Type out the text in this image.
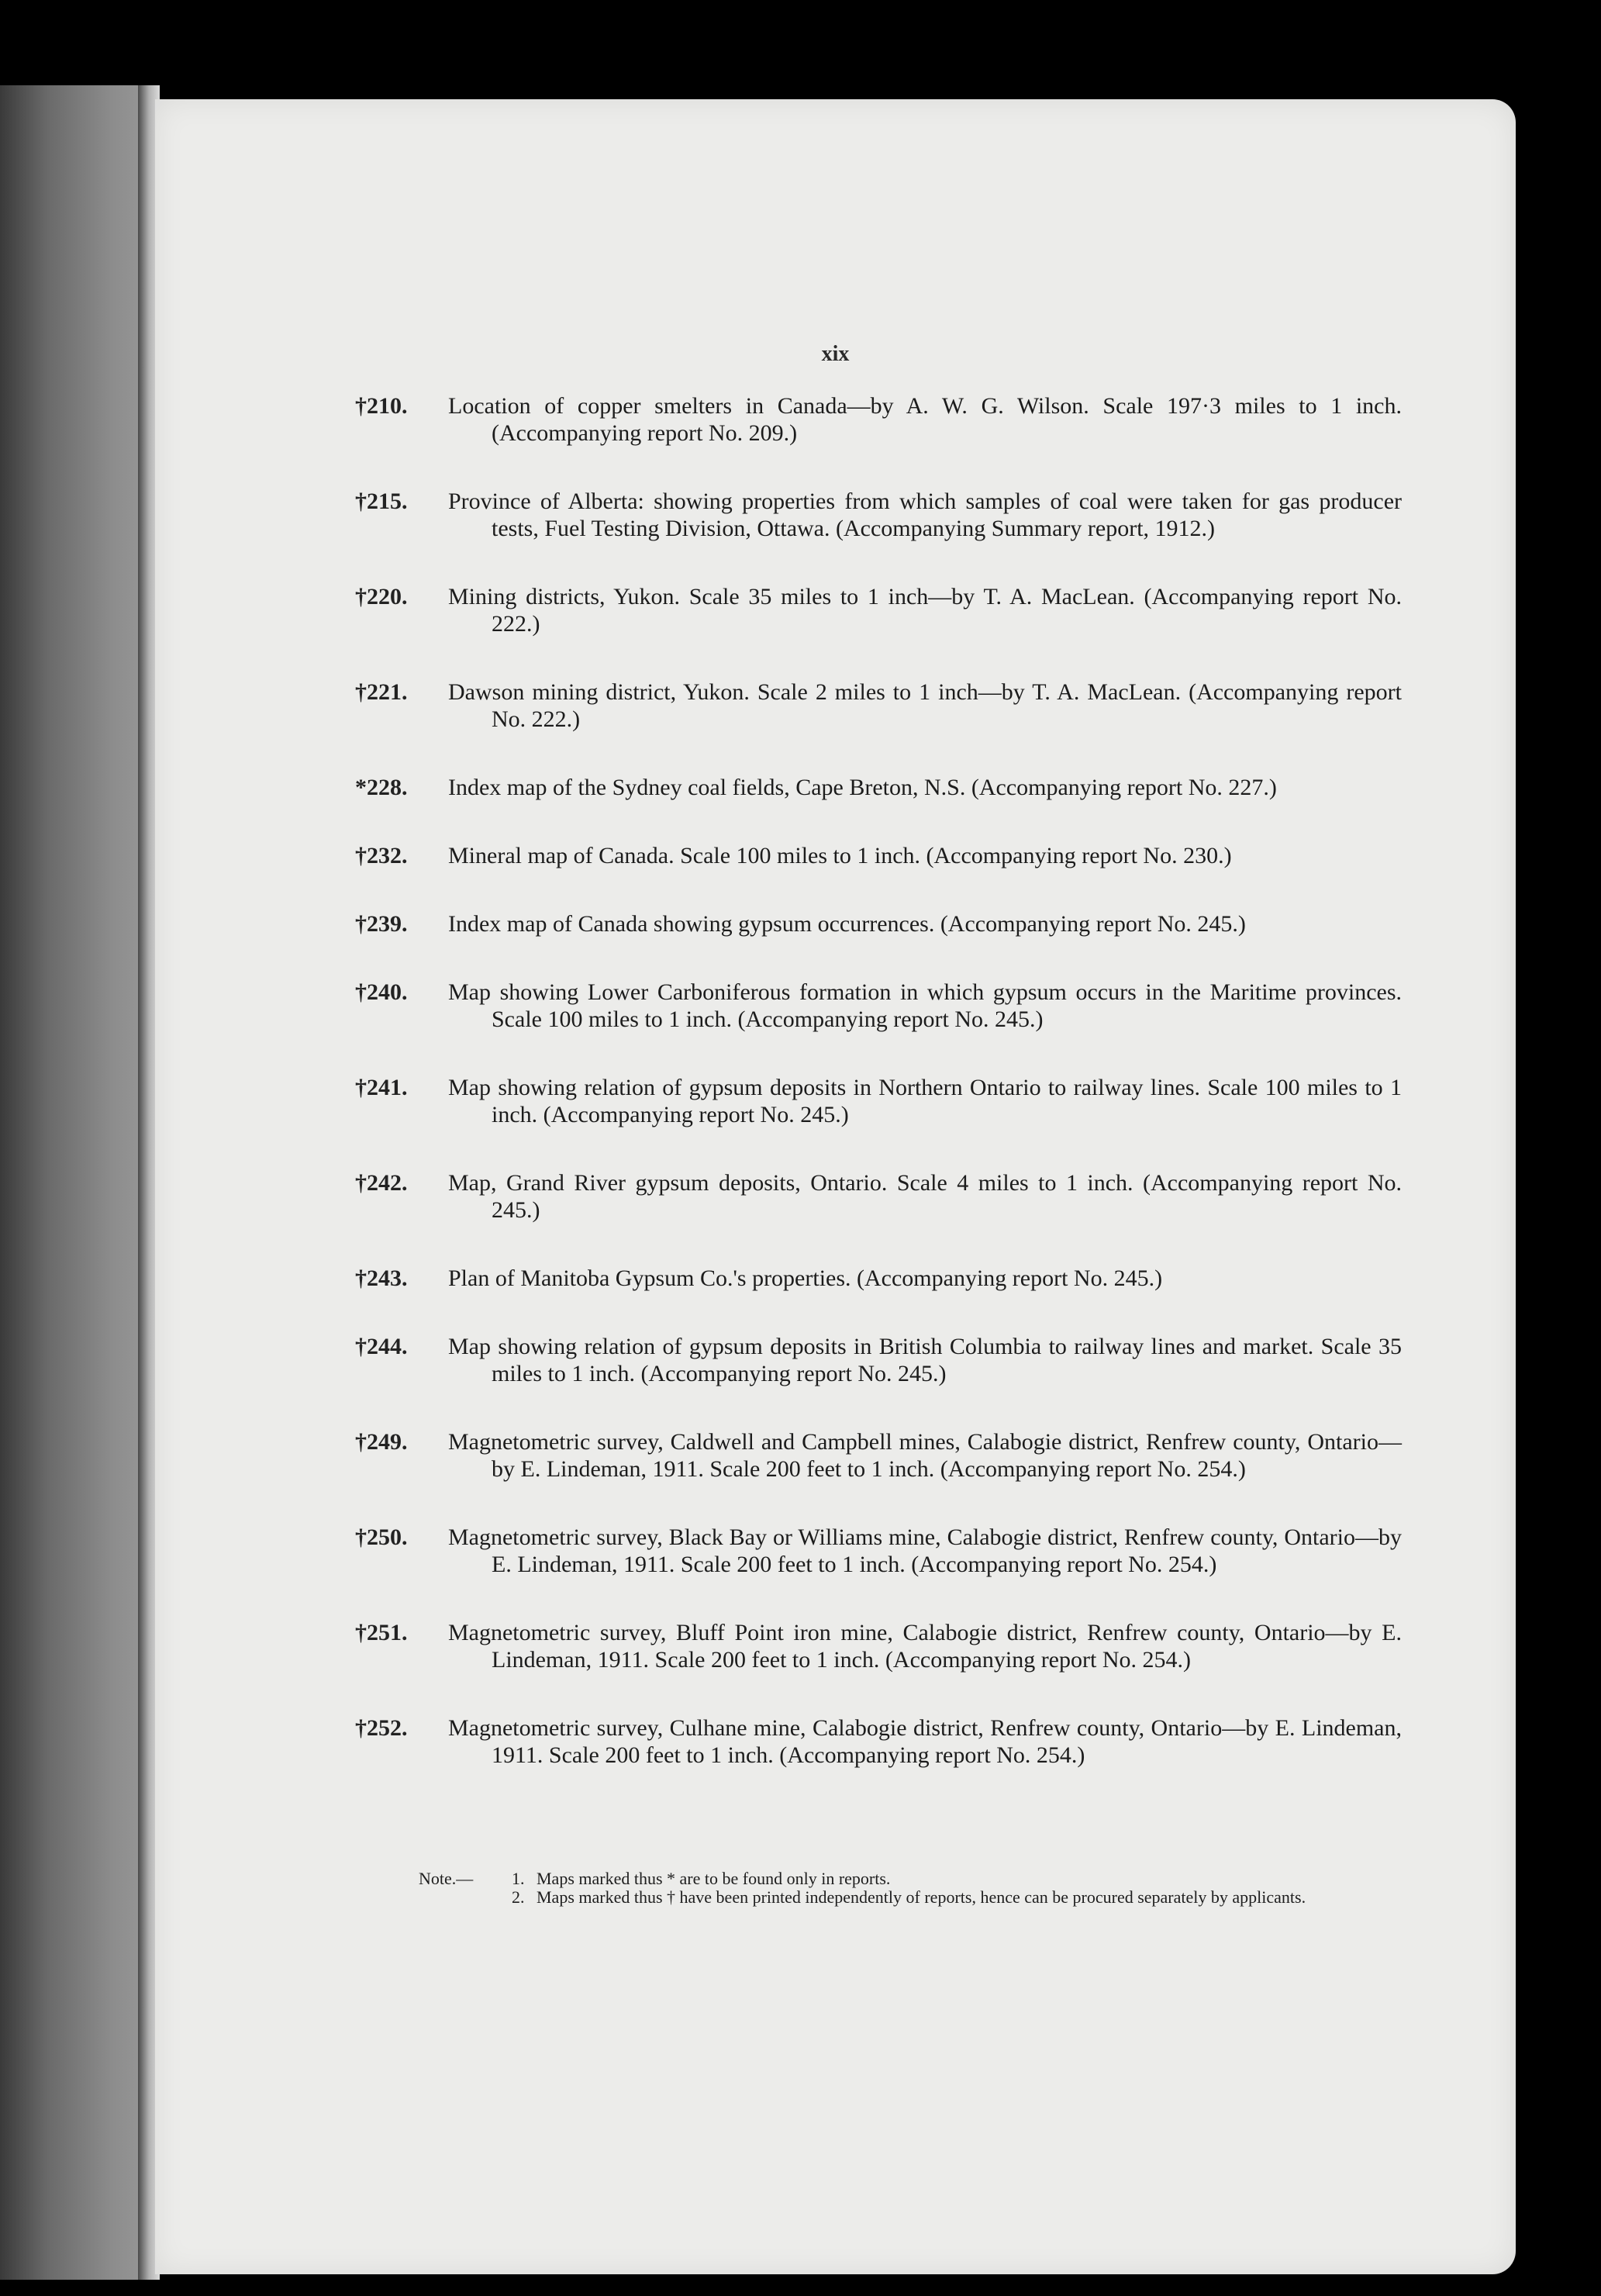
xix
†210.	Location of copper smelters in Canada—by A. W. G. Wilson. Scale 197·3 miles to 1 inch. (Accompanying report No. 209.)
†215.	Province of Alberta: showing properties from which samples of coal were taken for gas producer tests, Fuel Testing Division, Ottawa. (Accompanying Summary report, 1912.)
†220.	Mining districts, Yukon. Scale 35 miles to 1 inch—by T. A. MacLean. (Accompanying report No. 222.)
†221.	Dawson mining district, Yukon. Scale 2 miles to 1 inch—by T. A. MacLean. (Accompanying report No. 222.)
*228.	Index map of the Sydney coal fields, Cape Breton, N.S. (Accompanying report No. 227.)
†232.	Mineral map of Canada. Scale 100 miles to 1 inch. (Accompanying report No. 230.)
†239.	Index map of Canada showing gypsum occurrences. (Accompanying report No. 245.)
†240.	Map showing Lower Carboniferous formation in which gypsum occurs in the Maritime provinces. Scale 100 miles to 1 inch. (Accompanying report No. 245.)
†241.	Map showing relation of gypsum deposits in Northern Ontario to railway lines. Scale 100 miles to 1 inch. (Accompanying report No. 245.)
†242.	Map, Grand River gypsum deposits, Ontario. Scale 4 miles to 1 inch. (Accompanying report No. 245.)
†243.	Plan of Manitoba Gypsum Co.'s properties. (Accompanying report No. 245.)
†244.	Map showing relation of gypsum deposits in British Columbia to railway lines and market. Scale 35 miles to 1 inch. (Accompanying report No. 245.)
†249.	Magnetometric survey, Caldwell and Campbell mines, Calabogie district, Renfrew county, Ontario—by E. Lindeman, 1911. Scale 200 feet to 1 inch. (Accompanying report No. 254.)
†250.	Magnetometric survey, Black Bay or Williams mine, Calabogie district, Renfrew county, Ontario—by E. Lindeman, 1911. Scale 200 feet to 1 inch. (Accompanying report No. 254.)
†251.	Magnetometric survey, Bluff Point iron mine, Calabogie district, Renfrew county, Ontario—by E. Lindeman, 1911. Scale 200 feet to 1 inch. (Accompanying report No. 254.)
†252.	Magnetometric survey, Culhane mine, Calabogie district, Renfrew county, Ontario—by E. Lindeman, 1911. Scale 200 feet to 1 inch. (Accompanying report No. 254.)
Note.—	1. Maps marked thus * are to be found only in reports.
2. Maps marked thus † have been printed independently of reports, hence can be procured separately by applicants.
